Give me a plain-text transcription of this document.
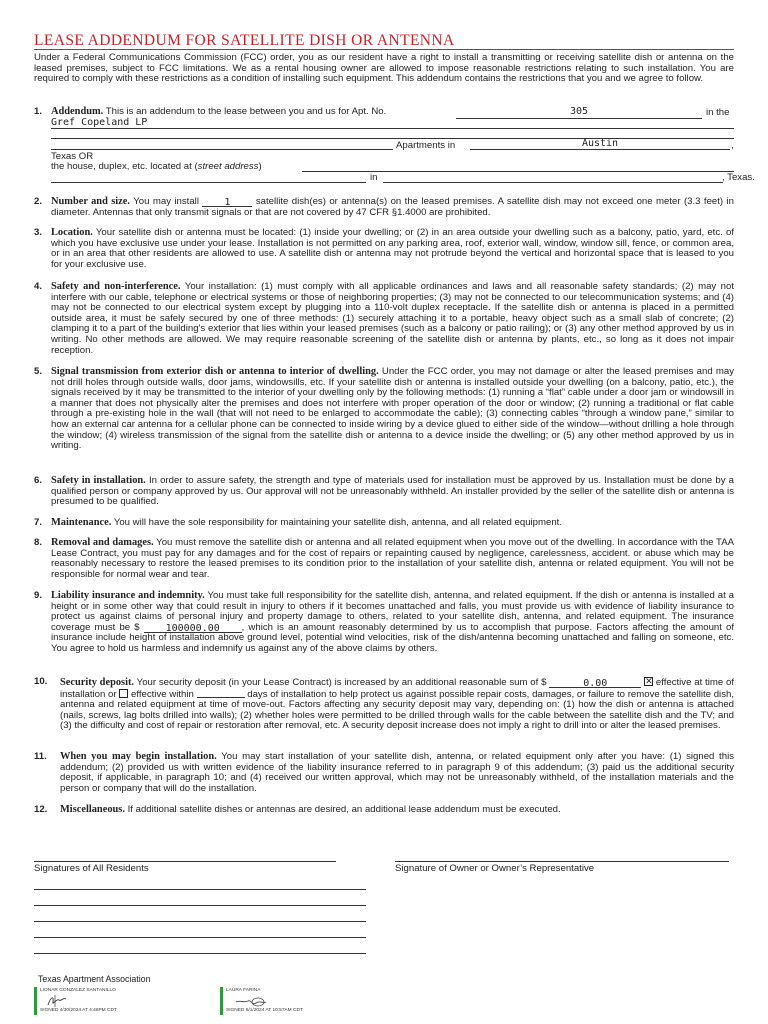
LEASE ADDENDUM FOR SATELLITE DISH OR ANTENNA
Under a Federal Communications Commission (FCC) order, you as our resident have a right to install a transmitting or receiving satellite dish or antenna on the leased premises, subject to FCC limitations. We as a rental housing owner are allowed to impose reasonable restrictions relating to such installation. You are required to comply with these restrictions as a condition of installing such equipment. This addendum contains the restrictions that you and we agree to follow.
1. Addendum. This is an addendum to the lease between you and us for Apt. No.	305	in the
Gref Copeland LP
Apartments in	Austin	,
Texas OR
the house, duplex, etc. located at (street address)
in	, Texas.
2. Number and size. You may install	1	satellite dish(es) or antenna(s) on the leased premises. A satellite dish may not exceed one meter (3.3 feet) in diameter. Antennas that only transmit signals or that are not covered by 47 CFR §1.4000 are prohibited.
3. Location. Your satellite dish or antenna must be located: (1) inside your dwelling; or (2) in an area outside your dwelling such as a balcony, patio, yard, etc. of which you have exclusive use under your lease. Installation is not permitted on any parking area, roof, exterior wall, window, window sill, fence, or common area, or in an area that other residents are allowed to use. A satellite dish or antenna may not protrude beyond the vertical and horizontal space that is leased to you for your exclusive use.
4. Safety and non-interference. Your installation: (1) must comply with all applicable ordinances and laws and all reasonable safety standards; (2) may not interfere with our cable, telephone or electrical systems or those of neighboring properties; (3) may not be connected to our telecommunication systems; and (4) may not be connected to our electrical system except by plugging into a 110-volt duplex receptacle. If the satellite dish or antenna is placed in a permitted outside area, it must be safely secured by one of three methods: (1) securely attaching it to a portable, heavy object such as a small slab of concrete; (2) clamping it to a part of the building's exterior that lies within your leased premises (such as a balcony or patio railing); or (3) any other method approved by us in writing. No other methods are allowed. We may require reasonable screening of the satellite dish or antenna by plants, etc., so long as it does not impair reception.
5. Signal transmission from exterior dish or antenna to interior of dwelling. Under the FCC order, you may not damage or alter the leased premises and may not drill holes through outside walls, door jams, windowsills, etc. If your satellite dish or antenna is installed outside your dwelling (on a balcony, patio, etc.), the signals received by it may be transmitted to the interior of your dwelling only by the following methods: (1) running a “flat” cable under a door jam or windowsill in a manner that does not physically alter the premises and does not interfere with proper operation of the door or window; (2) running a traditional or flat cable through a pre-existing hole in the wall (that will not need to be enlarged to accommodate the cable); (3) connecting cables “through a window pane,” similar to how an external car antenna for a cellular phone can be connected to inside wiring by a device glued to either side of the window—without drilling a hole through the window; (4) wireless transmission of the signal from the satellite dish or antenna to a device inside the dwelling; or (5) any other method approved by us in writing.
6. Safety in installation. In order to assure safety, the strength and type of materials used for installation must be approved by us. Installation must be done by a qualified person or company approved by us. Our approval will not be unreasonably withheld. An installer provided by the seller of the satellite dish or antenna is presumed to be qualified.
7. Maintenance. You will have the sole responsibility for maintaining your satellite dish, antenna, and all related equipment.
8. Removal and damages. You must remove the satellite dish or antenna and all related equipment when you move out of the dwelling. In accordance with the TAA Lease Contract, you must pay for any damages and for the cost of repairs or repainting caused by negligence, carelessness, accident. or abuse which may be reasonably necessary to restore the leased premises to its condition prior to the installation of your satellite dish, antenna or related equipment. You will not be responsible for normal wear and tear.
9. Liability insurance and indemnity. You must take full responsibility for the satellite dish, antenna, and related equipment. If the dish or antenna is installed at a height or in some other way that could result in injury to others if it becomes unattached and falls, you must provide us with evidence of liability insurance to protect us against claims of personal injury and property damage to others, related to your satellite dish, antenna, and related equipment. The insurance coverage must be $	100000.00 , which is an amount reasonably determined by us to accomplish that purpose. Factors affecting the amount of insurance include height of installation above ground level, potential wind velocities, risk of the dish/antenna becoming unattached and falling on someone, etc. You agree to hold us harmless and indemnify us against any of the above claims by others.
10. Security deposit. Your security deposit (in your Lease Contract) is increased by an additional reasonable sum of $	0.00 ✕	effective at time of installation or effective within	days of installation to help protect us against possible repair costs, damages, or failure to remove the satellite dish, antenna and related equipment at time of move-out. Factors affecting any security deposit may vary, depending on: (1) how the dish or antenna is attached (nails, screws, lag bolts drilled into walls); (2) whether holes were permitted to be drilled through walls for the cable between the satellite dish and the TV; and (3) the difficulty and cost of repair or restoration after removal, etc. A security deposit increase does not imply a right to drill into or alter the leased premises.
11. When you may begin installation. You may start installation of your satellite dish, antenna, or related equipment only after you have: (1) signed this addendum; (2) provided us with written evidence of the liability insurance referred to in paragraph 9 of this addendum; (3) paid us the additional security deposit, if applicable, in paragraph 10; and (4) received our written approval, which may not be unreasonably withheld, of the installation materials and the person or company that will do the installation.
12. Miscellaneous. If additional satellite dishes or antennas are desired, an additional lease addendum must be executed.
Signatures of All Residents	Signature of Owner or Owner’s Representative
Texas Apartment Association
LIONAR GONZALEZ SANTANILLO
SIGNED 4/30/2024 AT 4:46PM CDT
LAURA FARINA
SIGNED 5/1/2024 AT 10:57AM CDT
